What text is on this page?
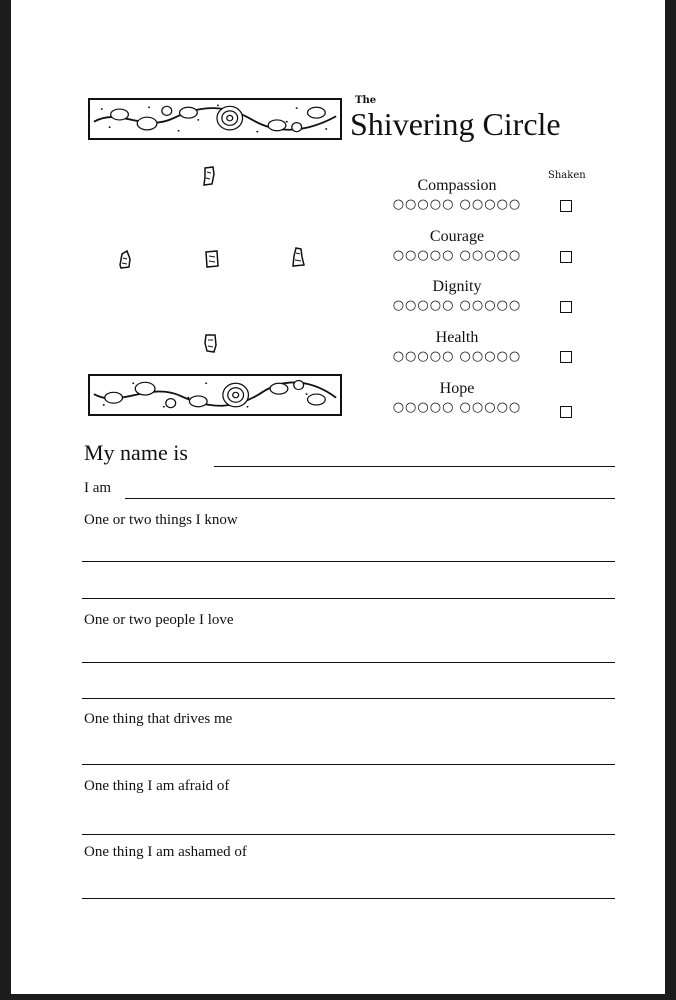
The
Shivering Circle
Shaken
Compassion
○○○○○ ○○○○○
Courage
○○○○○ ○○○○○
Dignity
○○○○○ ○○○○○
Health
○○○○○ ○○○○○
Hope
○○○○○ ○○○○○
My name is
I am
One or two things I know
One or two people I love
One thing that drives me
One thing I am afraid of
One thing I am ashamed of
